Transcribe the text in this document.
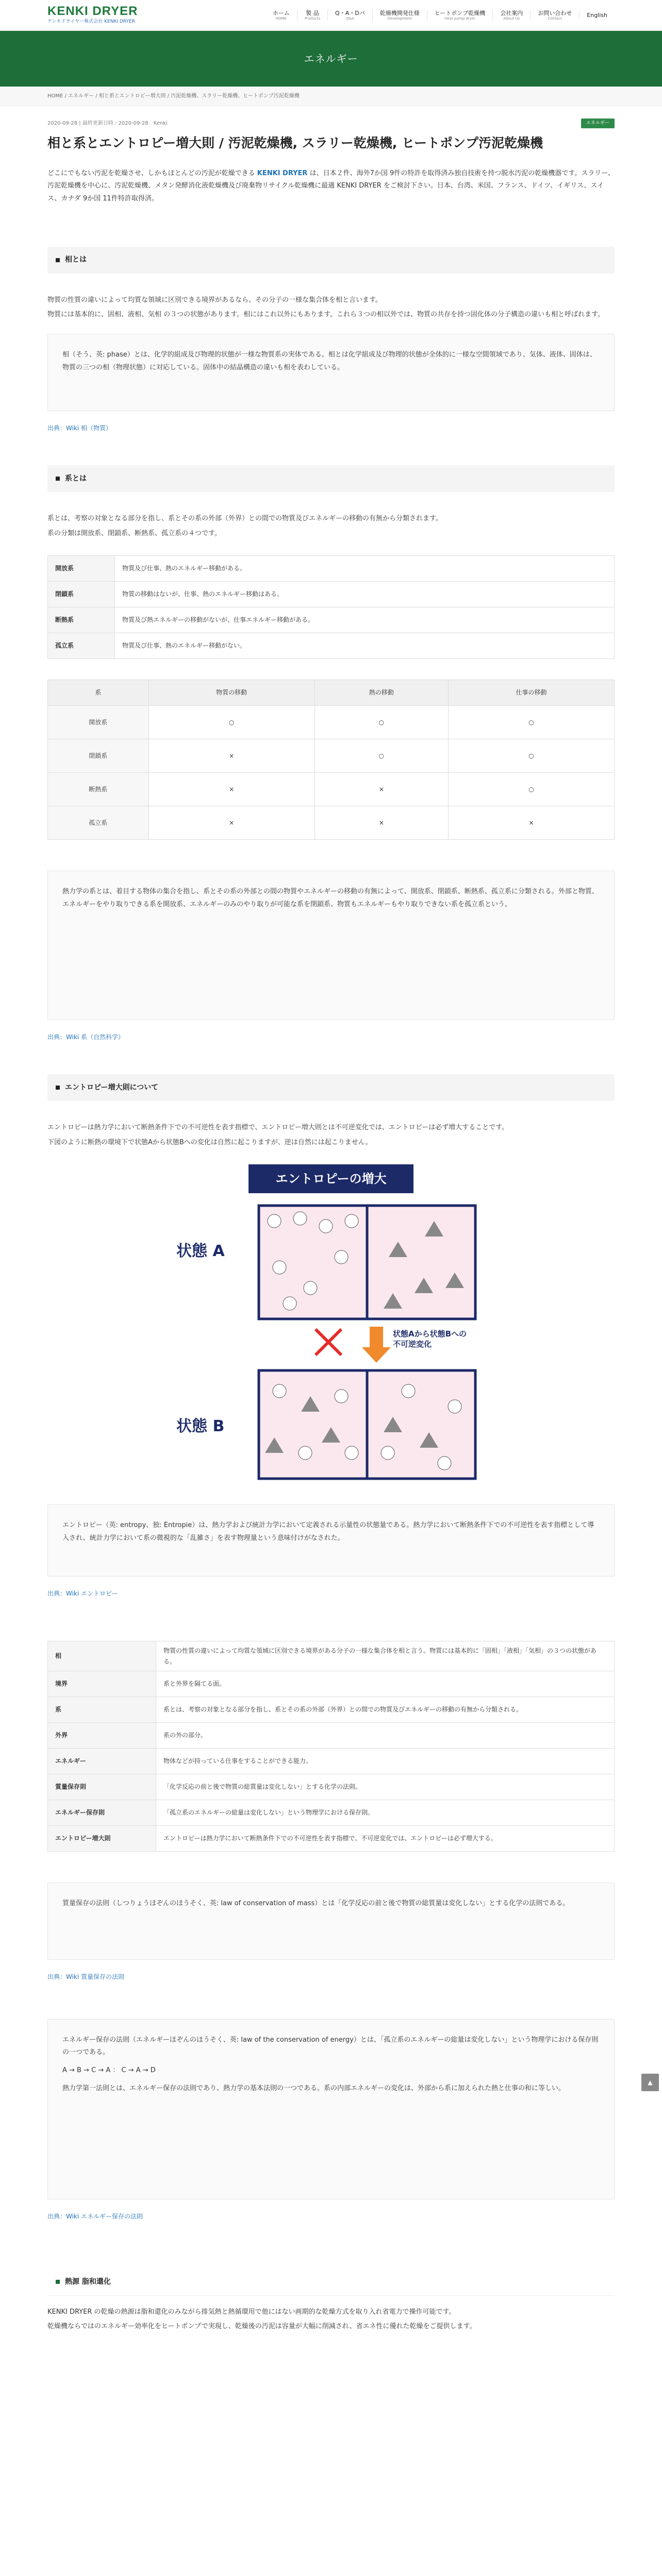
KENKI DRYER
ケンキドライヤー株式会社 KENKI DRYER
ホーム
HOME
製 品
Products
Q・A・Dパ
Q&A
乾燥機開発仕様
Development
ヒートポンプ乾燥機
Heat pump dryer
会社案内
About Us
お問い合わせ
Contact	English
エネルギー
HOME / エネルギー / 相と系とエントロピー増大則 / 汚泥乾燥機、スラリー乾燥機、ヒートポンプ汚泥乾燥機
2020-09-28 | 最終更新日時 : 2020-09-28　Kenki	エネルギー
相と系とエントロピー増大則 / 汚泥乾燥機, スラリー乾燥機, ヒートポンプ汚泥乾燥機

どこにでもない汚泥を乾燥させ、しかもほとんどの汚泥が乾燥できる KENKI DRYER は、日本２件、海外7か国 9件の特許を取得済み独自技術を持つ脱水汚泥の乾燥機器です。スラリー、汚泥乾燥機を中心に、汚泥乾燥機、メタン発酵消化液乾燥機及び廃棄物リサイクル乾燥機に最適 KENKI DRYER をご検討下さい。日本、台湾、米国、フランス、ドイツ、イギリス、スイス、カナダ 9か国 11件特許取得済。

相とは

物質の性質の違いによって均質な領域に区別できる境界があるなら、その分子の一様な集合体を相と言います。

物質には基本的に、固相、液相、気相 の３つの状態があります。相にはこれ以外にもあります。これら３つの相以外では、物質の共存を持つ固化体の分子構造の違いも相と呼ばれます。

相（そう、英: phase）とは、化学的組成及び物理的状態が一様な物質系の実体である。相とは化学組成及び物理的状態が全体的に一様な空間領域であり、気体、液体、固体は、物質の三つの相（物理状態）に対応している。固体中の結晶構造の違いも相を表わしている。

出典：Wiki 相（物質）

系とは

系とは、考察の対象となる部分を指し、系とその系の外部（外界）との間での物質及びエネルギーの移動の有無から分類されます。

系の分類は開放系、閉鎖系、断熱系、孤立系の４つです。

開放系	物質及び仕事、熱のエネルギー移動がある。
閉鎖系	物質の移動はないが、仕事、熱のエネルギー移動はある。
断熱系	物質及び熱エネルギーの移動がないが、仕事エネルギー移動がある。
孤立系	物質及び仕事、熱のエネルギー移動がない。
系	物質の移動	熱の移動	仕事の移動
開放系	○	○	○
閉鎖系	×	○	○
断熱系	×	×	○
孤立系	×	×	×

熱力学の系とは、着目する物体の集合を指し、系とその系の外部との間の物質やエネルギーの移動の有無によって、開放系、閉鎖系、断熱系、孤立系に分類される。外部と物質、エネルギーをやり取りできる系を開放系、エネルギーのみのやり取りが可能な系を閉鎖系、物質もエネルギーもやり取りできない系を孤立系という。

出典：Wiki 系（自然科学）

エントロピー増大則について

エントロピーは熱力学において断熱条件下での不可逆性を表す指標で、エントロピー増大則とは不可逆変化では、エントロピーは必ず増大することです。

下図のように断熱の環境下で状態Aから状態Bへの変化は自然に起こりますが、逆は自然には起こりません。

エントロピーの増大
状態 A
状態 B
状態Aから状態Bへの
不可逆変化

エントロピー（英: entropy、独: Entropie）は、熱力学および統計力学において定義される示量性の状態量である。熱力学において断熱条件下での不可逆性を表す指標として導入され、統計力学において系の微視的な「乱雑さ」を表す物理量という意味付けがなされた。

出典：Wiki エントロピー

相	物質の性質の違いによって均質な領域に区別できる境界がある分子の一様な集合体を相と言う。物質には基本的に「固相」「液相」「気相」の３つの状態がある。
境界	系と外界を隔てる面。
系	系とは、考察の対象となる部分を指し、系とその系の外部（外界）との間での物質及びエネルギーの移動の有無から分類される。
外界	系の外の部分。
エネルギー	物体などが持っている仕事をすることができる能力。
質量保存則	「化学反応の前と後で物質の総質量は変化しない」とする化学の法則。
エネルギー保存則	「孤立系のエネルギーの総量は変化しない」という物理学における保存則。
エントロピー増大則	エントロピーは熱力学において断熱条件下での不可逆性を表す指標で、不可逆変化では、エントロピーは必ず増大する。

質量保存の法則（しつりょうほぞんのほうそく、英: law of conservation of mass）とは「化学反応の前と後で物質の総質量は変化しない」とする化学の法則である。

出典：Wiki 質量保存の法則

エネルギー保存の法則（エネルギーほぞんのほうそく、英: law of the conservation of energy）とは、「孤立系のエネルギーの総量は変化しない」という物理学における保存則の一つである。

A → B → C → A ： C → A → D

熱力学第一法則とは、エネルギー保存の法則であり、熱力学の基本法則の一つである。系の内部エネルギーの変化は、外部から系に加えられた熱と仕事の和に等しい。

出典：Wiki エネルギー保存の法則

熱源 脂和還化

KENKI DRYER の乾燥の熱源は脂和還化のみながら排気熱と熱循環用で他にはない画期的な乾燥方式を取り入れ省電力で操作可能です。

乾燥機ならではのエネルギー効率化をヒートポンプで実現し、乾燥後の汚泥は容量が大幅に削減され、省エネ性に優れた乾燥をご提供します。

▲
